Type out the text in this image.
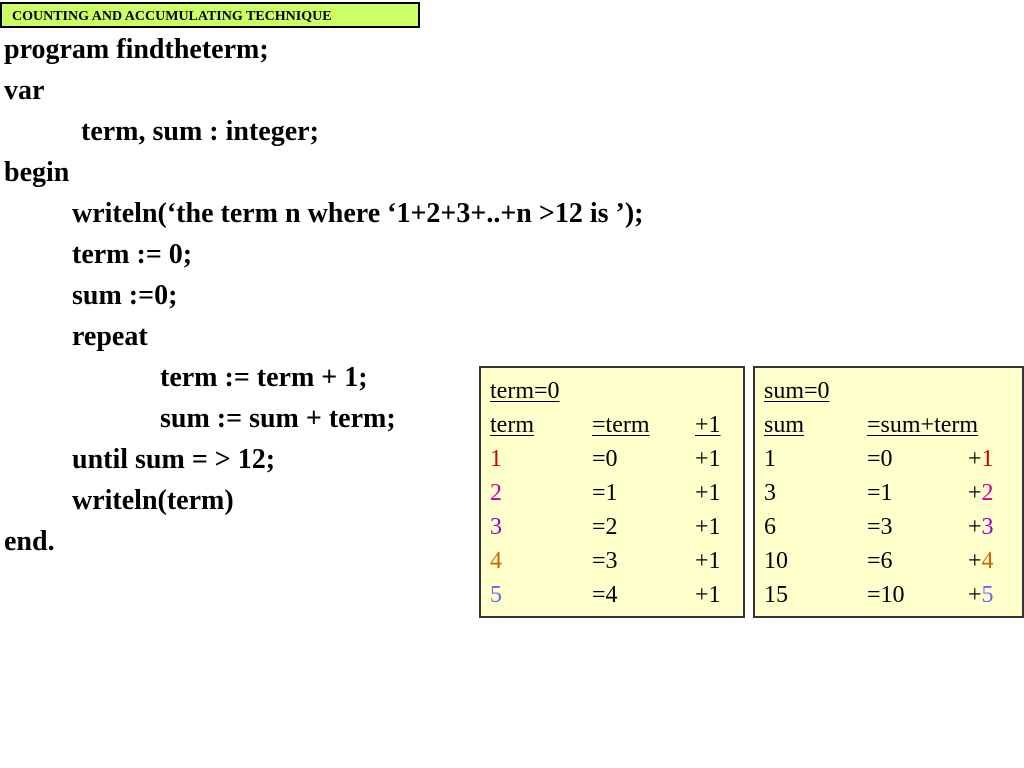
COUNTING AND ACCUMULATING TECHNIQUE
program findtheterm;
var
term, sum : integer;
begin
writeln(‘the term n where ‘1+2+3+..+n >12 is ’);
term := 0;
sum :=0;
repeat
term := term + 1;
sum := sum + term;
until sum = > 12;
writeln(term)
end.
term=0
term =term +1
1	=0	+1
2	=1	+1
3	=2	+1
4	=3	+1
5	=4	+1
sum=0
sum	=sum+term
1	=0	+1
3	=1	+2
6	=3	+3
10	=6	+4
15	=10	+5
